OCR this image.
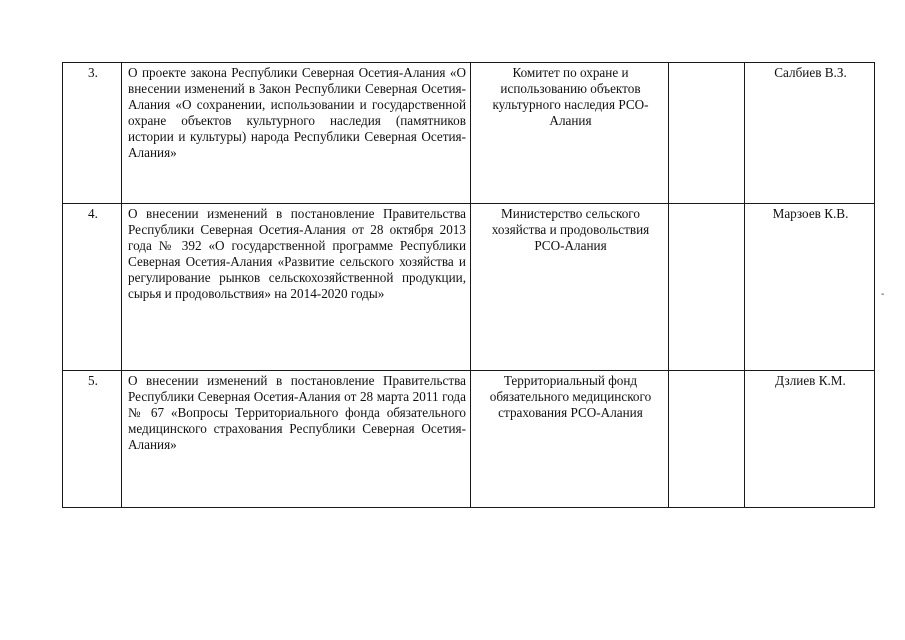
3.	О проекте закона Республики Северная Осетия-Алания «О внесении изменений в Закон Республики Северная Осетия-Алания «О сохранении, использовании и государственной охране объектов культурного наследия (памятников истории и культуры) народа Республики Северная Осетия-Алания»	Комитет по охране и использованию объектов культурного наследия РСО-Алания		Салбиев В.З.
4.	О внесении изменений в постановление Правительства Республики Северная Осетия-Алания от 28 октября 2013 года № 392 «О государственной программе Республики Северная Осетия-Алания «Развитие сельского хозяйства и регулирование рынков сельскохозяйственной продукции, сырья и продовольствия» на 2014-2020 годы»	Министерство сельского хозяйства и продовольствия РСО-Алания		Марзоев К.В.
5.	О внесении изменений в постановление Правительства Республики Северная Осетия-Алания от 28 марта 2011 года № 67 «Вопросы Территориального фонда обязательного медицинского страхования Республики Северная Осетия-Алания»	Территориальный фонд обязательного медицинского страхования РСО-Алания		Дзлиев К.М.
-
